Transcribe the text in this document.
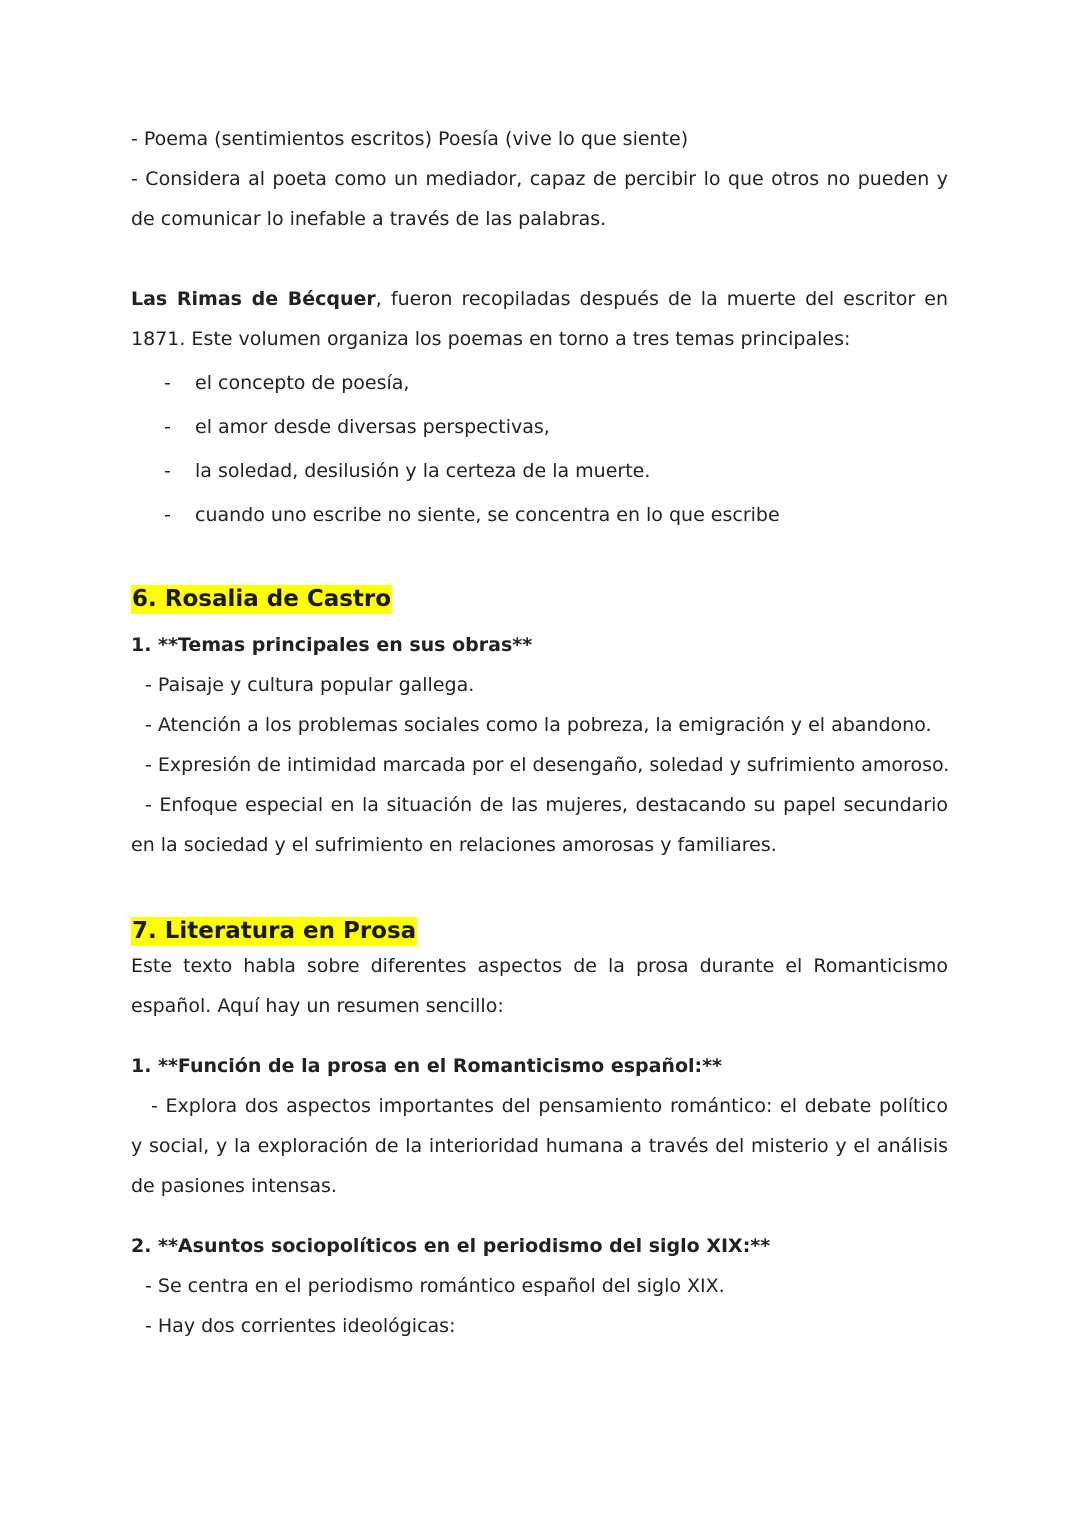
- Poema (sentimientos escritos) Poesía (vive lo que siente)

- Considera al poeta como un mediador, capaz de percibir lo que otros no pueden y de comunicar lo inefable a través de las palabras.

Las Rimas de Bécquer, fueron recopiladas después de la muerte del escritor en 1871. Este volumen organiza los poemas en torno a tres temas principales:

- el concepto de poesía,
- el amor desde diversas perspectivas,
- la soledad, desilusión y la certeza de la muerte.
- cuando uno escribe no siente, se concentra en lo que escribe
6. Rosalia de Castro

1. **Temas principales en sus obras**

- Paisaje y cultura popular gallega.

- Atención a los problemas sociales como la pobreza, la emigración y el abandono.

- Expresión de intimidad marcada por el desengaño, soledad y sufrimiento amoroso.

- Enfoque especial en la situación de las mujeres, destacando su papel secundario en la sociedad y el sufrimiento en relaciones amorosas y familiares.

7. Literatura en Prosa

Este texto habla sobre diferentes aspectos de la prosa durante el Romanticismo español. Aquí hay un resumen sencillo:

1. **Función de la prosa en el Romanticismo español:**

- Explora dos aspectos importantes del pensamiento romántico: el debate político y social, y la exploración de la interioridad humana a través del misterio y el análisis de pasiones intensas.

2. **Asuntos sociopolíticos en el periodismo del siglo XIX:**

- Se centra en el periodismo romántico español del siglo XIX.

- Hay dos corrientes ideológicas:
